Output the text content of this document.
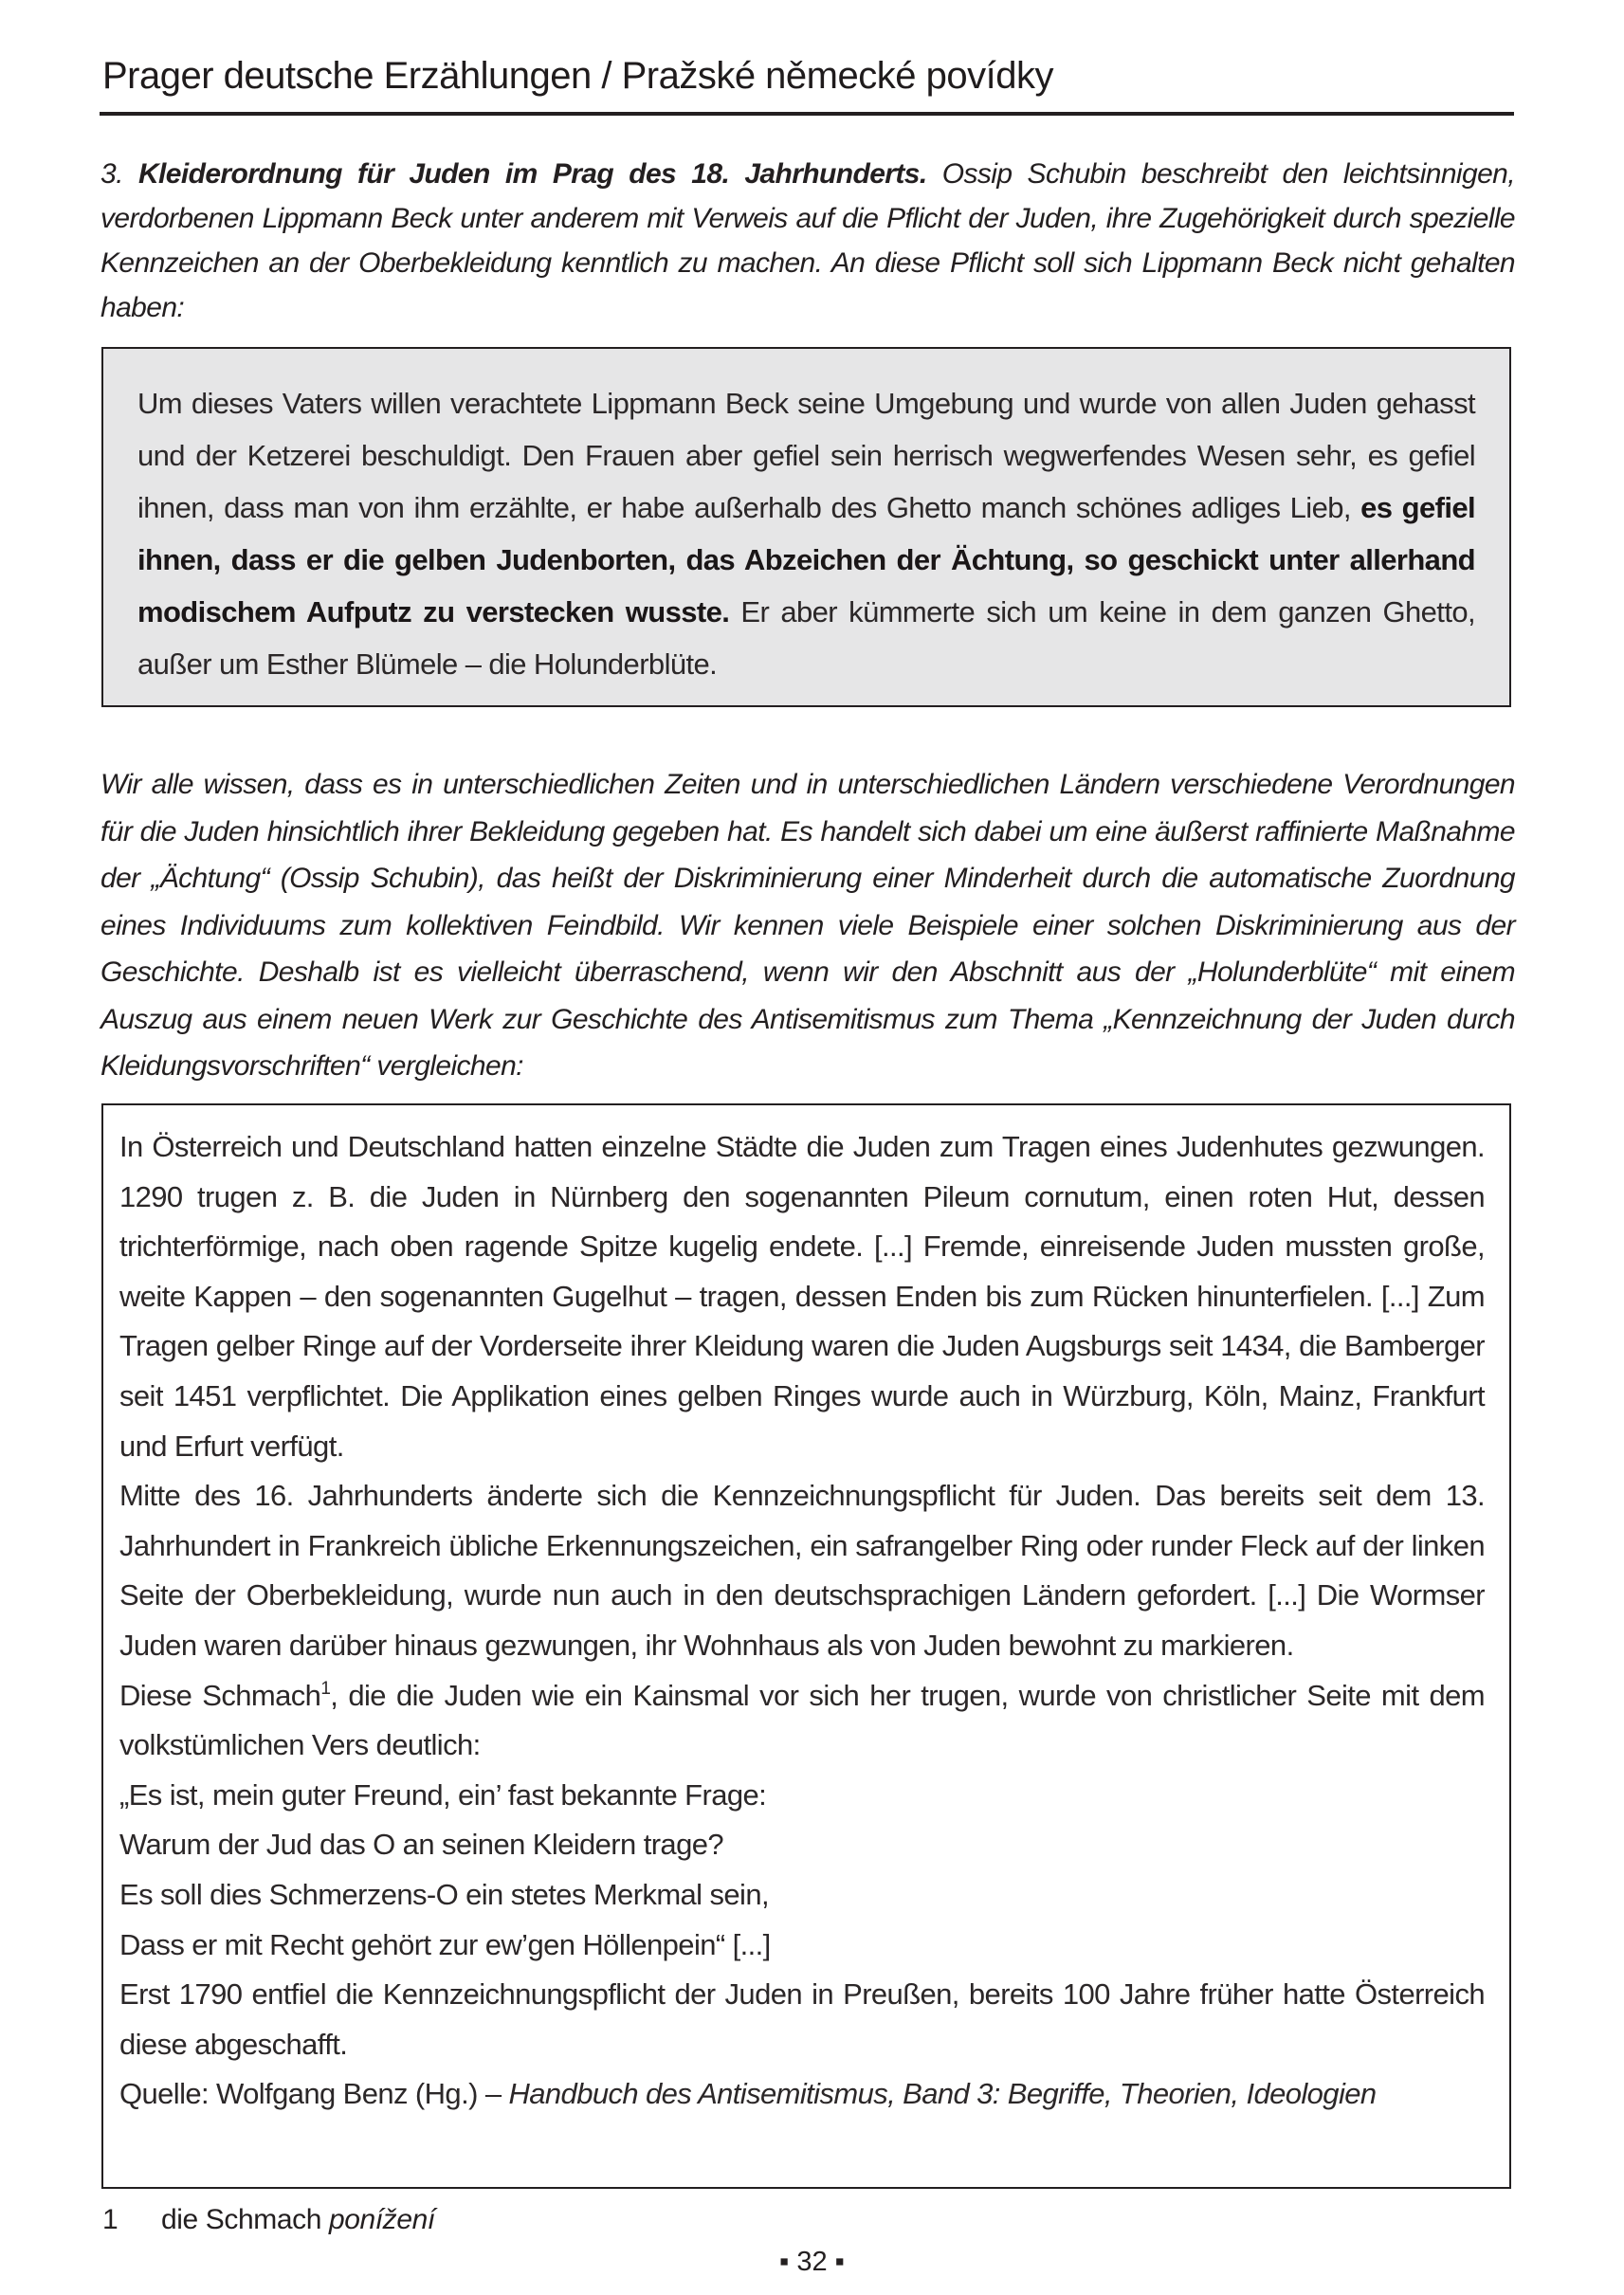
Prager deutsche Erzählungen / Pražské německé povídky
3. Kleiderordnung für Juden im Prag des 18. Jahrhunderts. Ossip Schubin beschreibt den leichtsinnigen, verdorbenen Lippmann Beck unter anderem mit Verweis auf die Pflicht der Juden, ihre Zugehörigkeit durch spezielle Kennzeichen an der Oberbekleidung kenntlich zu machen. An diese Pflicht soll sich Lippmann Beck nicht gehalten haben:

Um dieses Vaters willen verachtete Lippmann Beck seine Umgebung und wurde von allen Juden gehasst und der Ketzerei beschuldigt. Den Frauen aber gefiel sein herrisch wegwerfendes Wesen sehr, es gefiel ihnen, dass man von ihm erzählte, er habe außerhalb des Ghetto manch schönes adliges Lieb, es gefiel ihnen, dass er die gelben Judenborten, das Abzeichen der Ächtung, so geschickt unter allerhand modischem Aufputz zu verstecken wusste. Er aber kümmerte sich um keine in dem ganzen Ghetto, außer um Esther Blümele – die Holunderblüte.

Wir alle wissen, dass es in unterschiedlichen Zeiten und in unterschiedlichen Ländern verschiedene Verordnungen für die Juden hinsichtlich ihrer Bekleidung gegeben hat. Es handelt sich dabei um eine äußerst raffinierte Maßnahme der „Ächtung“ (Ossip Schubin), das heißt der Diskriminierung einer Minderheit durch die automatische Zuordnung eines Individuums zum kollektiven Feindbild. Wir kennen viele Beispiele einer solchen Diskriminierung aus der Geschichte. Deshalb ist es vielleicht überraschend, wenn wir den Abschnitt aus der „Holunderblüte“ mit einem Auszug aus einem neuen Werk zur Geschichte des Antisemitismus zum Thema „Kennzeichnung der Juden durch Kleidungsvorschriften“ vergleichen:

In Österreich und Deutschland hatten einzelne Städte die Juden zum Tragen eines Judenhutes gezwungen. 1290 trugen z. B. die Juden in Nürnberg den sogenannten Pileum cornutum, einen roten Hut, dessen trichterförmige, nach oben ragende Spitze kugelig endete. [...] Fremde, einreisende Juden mussten große, weite Kappen – den sogenannten Gugelhut – tragen, dessen Enden bis zum Rücken hinunterfielen. [...] Zum Tragen gelber Ringe auf der Vorderseite ihrer Kleidung waren die Juden Augsburgs seit 1434, die Bamberger seit 1451 verpflichtet. Die Applikation eines gelben Ringes wurde auch in Würzburg, Köln, Mainz, Frankfurt und Erfurt verfügt.

Mitte des 16. Jahrhunderts änderte sich die Kennzeichnungspflicht für Juden. Das bereits seit dem 13. Jahrhundert in Frankreich übliche Erkennungszeichen, ein safrangelber Ring oder runder Fleck auf der linken Seite der Oberbekleidung, wurde nun auch in den deutschsprachigen Ländern gefordert. [...] Die Wormser Juden waren darüber hinaus gezwungen, ihr Wohnhaus als von Juden bewohnt zu markieren.

Diese Schmach$^1$, die die Juden wie ein Kainsmal vor sich her trugen, wurde von christlicher Seite mit dem volkstümlichen Vers deutlich:

„Es ist, mein guter Freund, ein’ fast bekannte Frage:

Warum der Jud das O an seinen Kleidern trage?

Es soll dies Schmerzens-O ein stetes Merkmal sein,

Dass er mit Recht gehört zur ew’gen Höllenpein“ [...]

Erst 1790 entfiel die Kennzeichnungspflicht der Juden in Preußen, bereits 100 Jahre früher hatte Österreich diese abgeschafft.

Quelle: Wolfgang Benz (Hg.) – Handbuch des Antisemitismus, Band 3: Begriffe, Theorien, Ideologien

1 die Schmach ponížení
▪ 32 ▪
